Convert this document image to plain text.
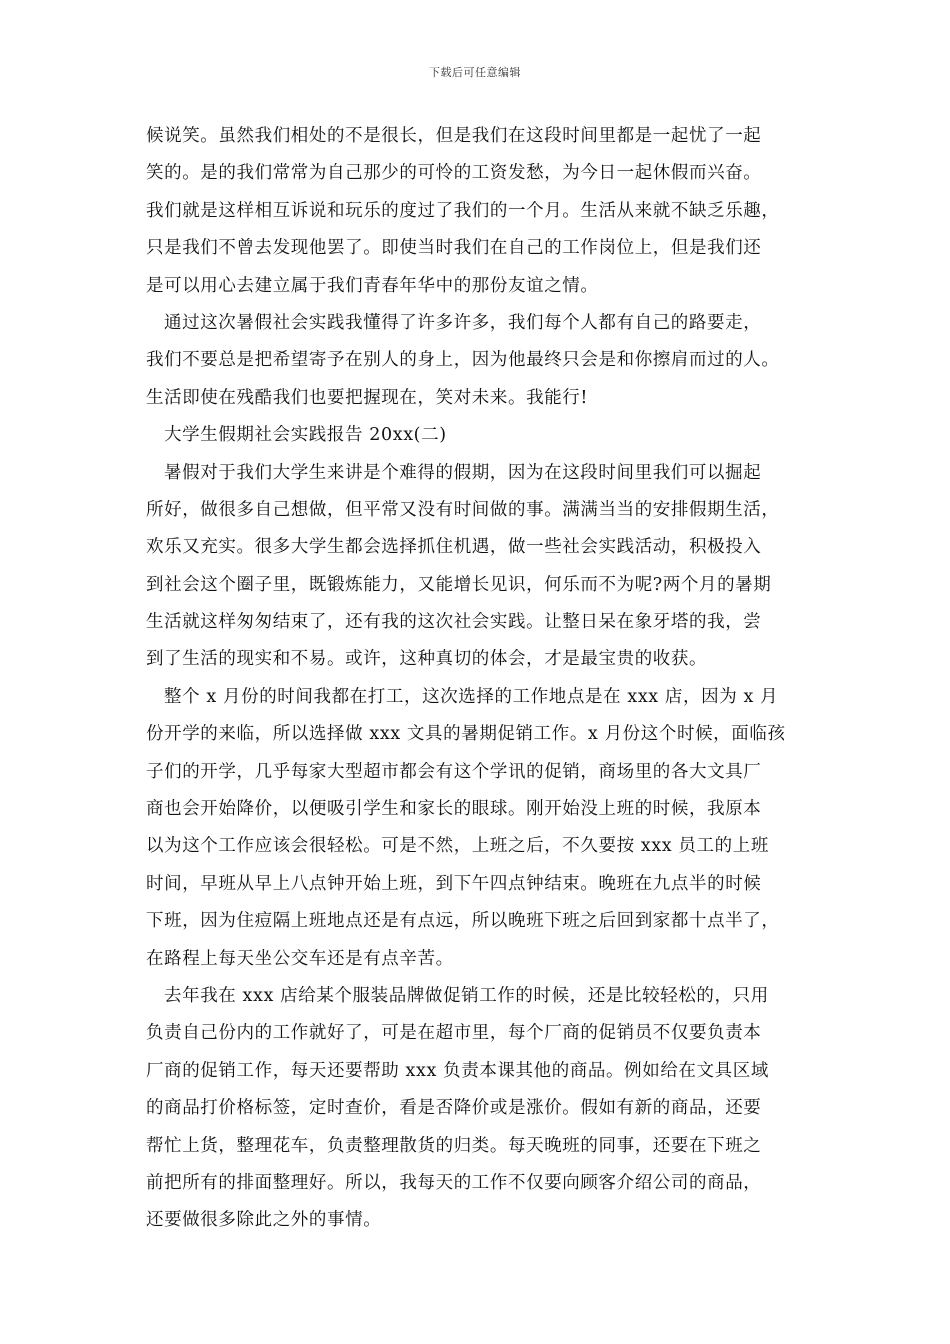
下载后可任意编辑
候说笑。虽然我们相处的不是很长，但是我们在这段时间里都是一起忧了一起
笑的。是的我们常常为自己那少的可怜的工资发愁，为今日一起休假而兴奋。
我们就是这样相互诉说和玩乐的度过了我们的一个月。生活从来就不缺乏乐趣，
只是我们不曾去发现他罢了。即使当时我们在自己的工作岗位上，但是我们还
是可以用心去建立属于我们青春年华中的那份友谊之情。
通过这次暑假社会实践我懂得了许多许多，我们每个人都有自己的路要走，
我们不要总是把希望寄予在别人的身上，因为他最终只会是和你擦肩而过的人。
生活即使在残酷我们也要把握现在，笑对未来。我能行!
大学生假期社会实践报告 20xx(二)
暑假对于我们大学生来讲是个难得的假期，因为在这段时间里我们可以掘起
所好，做很多自己想做，但平常又没有时间做的事。满满当当的安排假期生活，
欢乐又充实。很多大学生都会选择抓住机遇，做一些社会实践活动，积极投入
到社会这个圈子里，既锻炼能力，又能增长见识，何乐而不为呢?两个月的暑期
生活就这样匆匆结束了，还有我的这次社会实践。让整日呆在象牙塔的我，尝
到了生活的现实和不易。或许，这种真切的体会，才是最宝贵的收获。
整个 x 月份的时间我都在打工，这次选择的工作地点是在 xxx 店，因为 x 月
份开学的来临，所以选择做 xxx 文具的暑期促销工作。x 月份这个时候，面临孩
子们的开学，几乎每家大型超市都会有这个学讯的促销，商场里的各大文具厂
商也会开始降价，以便吸引学生和家长的眼球。刚开始没上班的时候，我原本
以为这个工作应该会很轻松。可是不然，上班之后，不久要按 xxx 员工的上班
时间，早班从早上八点钟开始上班，到下午四点钟结束。晚班在九点半的时候
下班，因为住痘隔上班地点还是有点远，所以晚班下班之后回到家都十点半了，
在路程上每天坐公交车还是有点辛苦。
去年我在 xxx 店给某个服装品牌做促销工作的时候，还是比较轻松的，只用
负责自己份内的工作就好了，可是在超市里，每个厂商的促销员不仅要负责本
厂商的促销工作，每天还要帮助 xxx 负责本课其他的商品。例如给在文具区域
的商品打价格标签，定时查价，看是否降价或是涨价。假如有新的商品，还要
帮忙上货，整理花车，负责整理散货的归类。每天晚班的同事，还要在下班之
前把所有的排面整理好。所以，我每天的工作不仅要向顾客介绍公司的商品，
还要做很多除此之外的事情。
